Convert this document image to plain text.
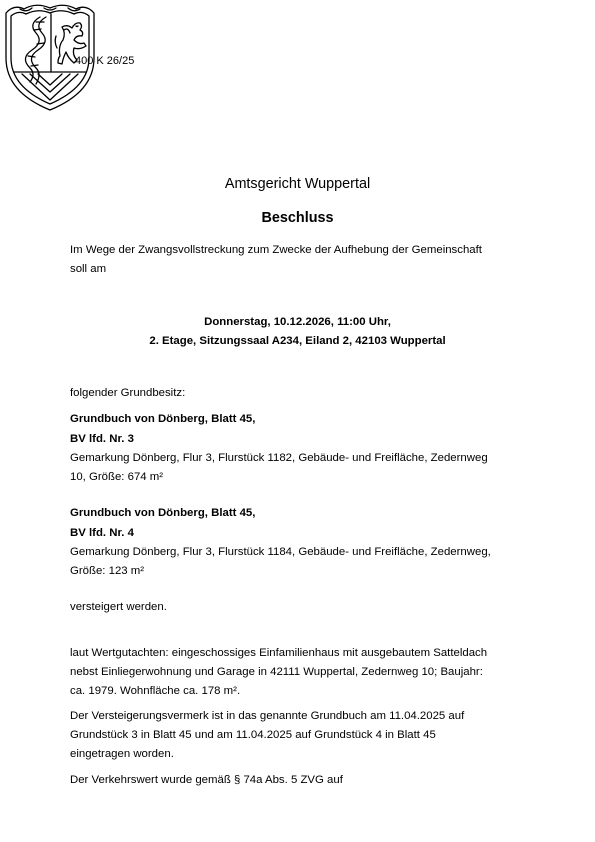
400 K 26/25
Amtsgericht Wuppertal
Beschluss
Im Wege der Zwangsvollstreckung zum Zwecke der Aufhebung der Gemeinschaft
soll am
Donnerstag, 10.12.2026, 11:00 Uhr,
2. Etage, Sitzungssaal A234, Eiland 2, 42103 Wuppertal
folgender Grundbesitz:
Grundbuch von Dönberg, Blatt 45,
BV lfd. Nr. 3
Gemarkung Dönberg, Flur 3, Flurstück 1182, Gebäude- und Freifläche, Zedernweg
10, Größe: 674 m²
Grundbuch von Dönberg, Blatt 45,
BV lfd. Nr. 4
Gemarkung Dönberg, Flur 3, Flurstück 1184, Gebäude- und Freifläche, Zedernweg,
Größe: 123 m²
versteigert werden.
laut Wertgutachten: eingeschossiges Einfamilienhaus mit ausgebautem Satteldach
nebst Einliegerwohnung und Garage in 42111 Wuppertal, Zedernweg 10; Baujahr:
ca. 1979. Wohnfläche ca. 178 m².
Der Versteigerungsvermerk ist in das genannte Grundbuch am 11.04.2025 auf
Grundstück 3 in Blatt 45 und am 11.04.2025 auf Grundstück 4 in Blatt 45
eingetragen worden.
Der Verkehrswert wurde gemäß § 74a Abs. 5 ZVG auf
